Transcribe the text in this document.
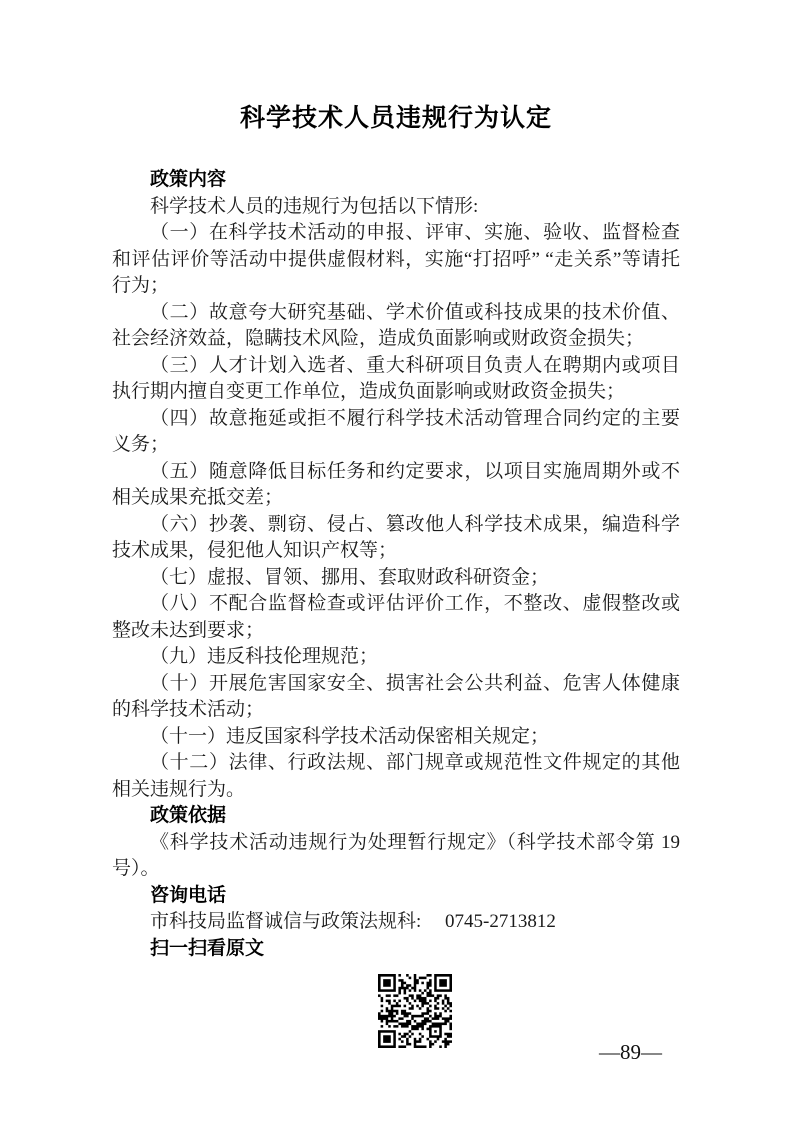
科学技术人员违规行为认定
政策内容

科学技术人员的违规行为包括以下情形:

（一）在科学技术活动的申报、评审、实施、验收、监督检查和评估评价等活动中提供虚假材料，实施“打招呼” “走关系”等请托行为；

（二）故意夸大研究基础、学术价值或科技成果的技术价值、社会经济效益，隐瞒技术风险，造成负面影响或财政资金损失；

（三）人才计划入选者、重大科研项目负责人在聘期内或项目执行期内擅自变更工作单位，造成负面影响或财政资金损失；

（四）故意拖延或拒不履行科学技术活动管理合同约定的主要义务；

（五）随意降低目标任务和约定要求，以项目实施周期外或不相关成果充抵交差；

（六）抄袭、剽窃、侵占、篡改他人科学技术成果，编造科学技术成果，侵犯他人知识产权等；

（七）虚报、冒领、挪用、套取财政科研资金；

（八）不配合监督检查或评估评价工作，不整改、虚假整改或整改未达到要求；

（九）违反科技伦理规范；

（十）开展危害国家安全、损害社会公共利益、危害人体健康的科学技术活动；

（十一）违反国家科学技术活动保密相关规定；

（十二）法律、行政法规、部门规章或规范性文件规定的其他相关违规行为。

政策依据

《科学技术活动违规行为处理暂行规定》（科学技术部令第 19 号）。

咨询电话

市科技局监督诚信与政策法规科:　 0745-2713812

扫一扫看原文
—89—
